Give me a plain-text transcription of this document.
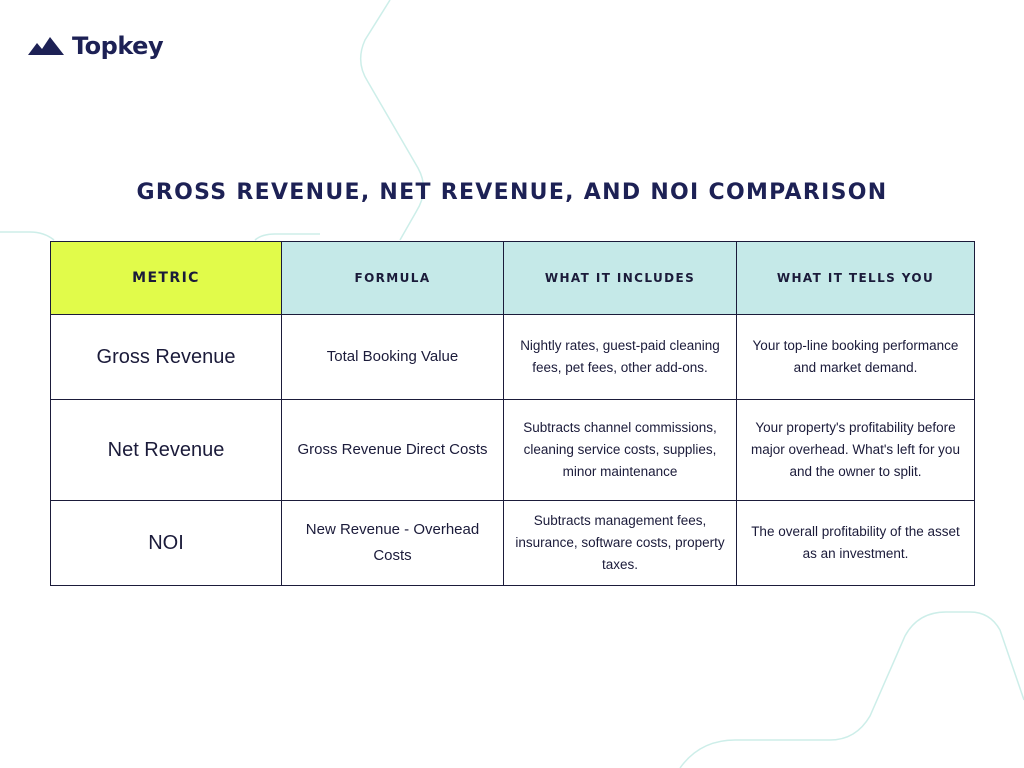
Topkey
GROSS REVENUE, NET REVENUE, AND NOI COMPARISON
METRIC	FORMULA	WHAT IT INCLUDES	WHAT IT TELLS YOU
Gross Revenue	Total Booking Value	Nightly rates, guest-paid cleaning fees, pet fees, other add-ons.	Your top-line booking performance and market demand.
Net Revenue	Gross Revenue Direct Costs	Subtracts channel commissions, cleaning service costs, supplies, minor maintenance	Your property's profitability before major overhead. What's left for you and the owner to split.
NOI	New Revenue - Overhead Costs	Subtracts management fees, insurance, software costs, property taxes.	The overall profitability of the asset as an investment.
